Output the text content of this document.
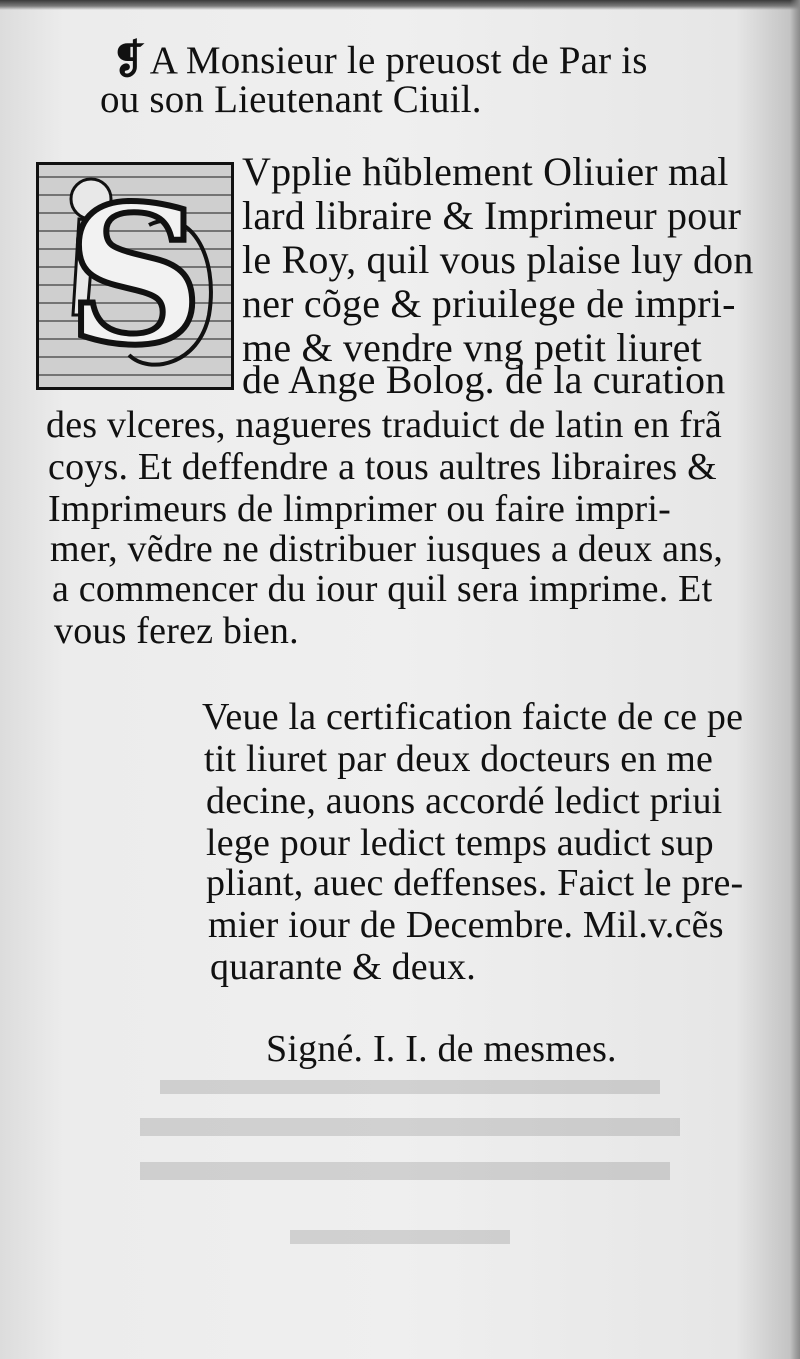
❡ A Monsieur le preuost de Par is
ou son Lieutenant Ciuil.
S Vpplie hũblement Oliuier mal
lard libraire & Imprimeur pour
le Roy, quil vous plaise luy don
ner cõge & priuilege de impri-
me & vendre vng petit liuret
de Ange Bolog. de la curation
des vlceres, nagueres traduict de latin en frã
coys. Et deffendre a tous aultres libraires &
Imprimeurs de limprimer ou faire impri-
mer, vẽdre ne distribuer iusques a deux ans,
a commencer du iour quil sera imprime. Et
vous ferez bien.
Veue la certification faicte de ce pe
tit liuret par deux docteurs en me
decine, auons accordé ledict priui
lege pour ledict temps audict sup
pliant, auec deffenses. Faict le pre-
mier iour de Decembre. Mil.v.cẽs
quarante & deux.
Signé. I. I. de mesmes.
